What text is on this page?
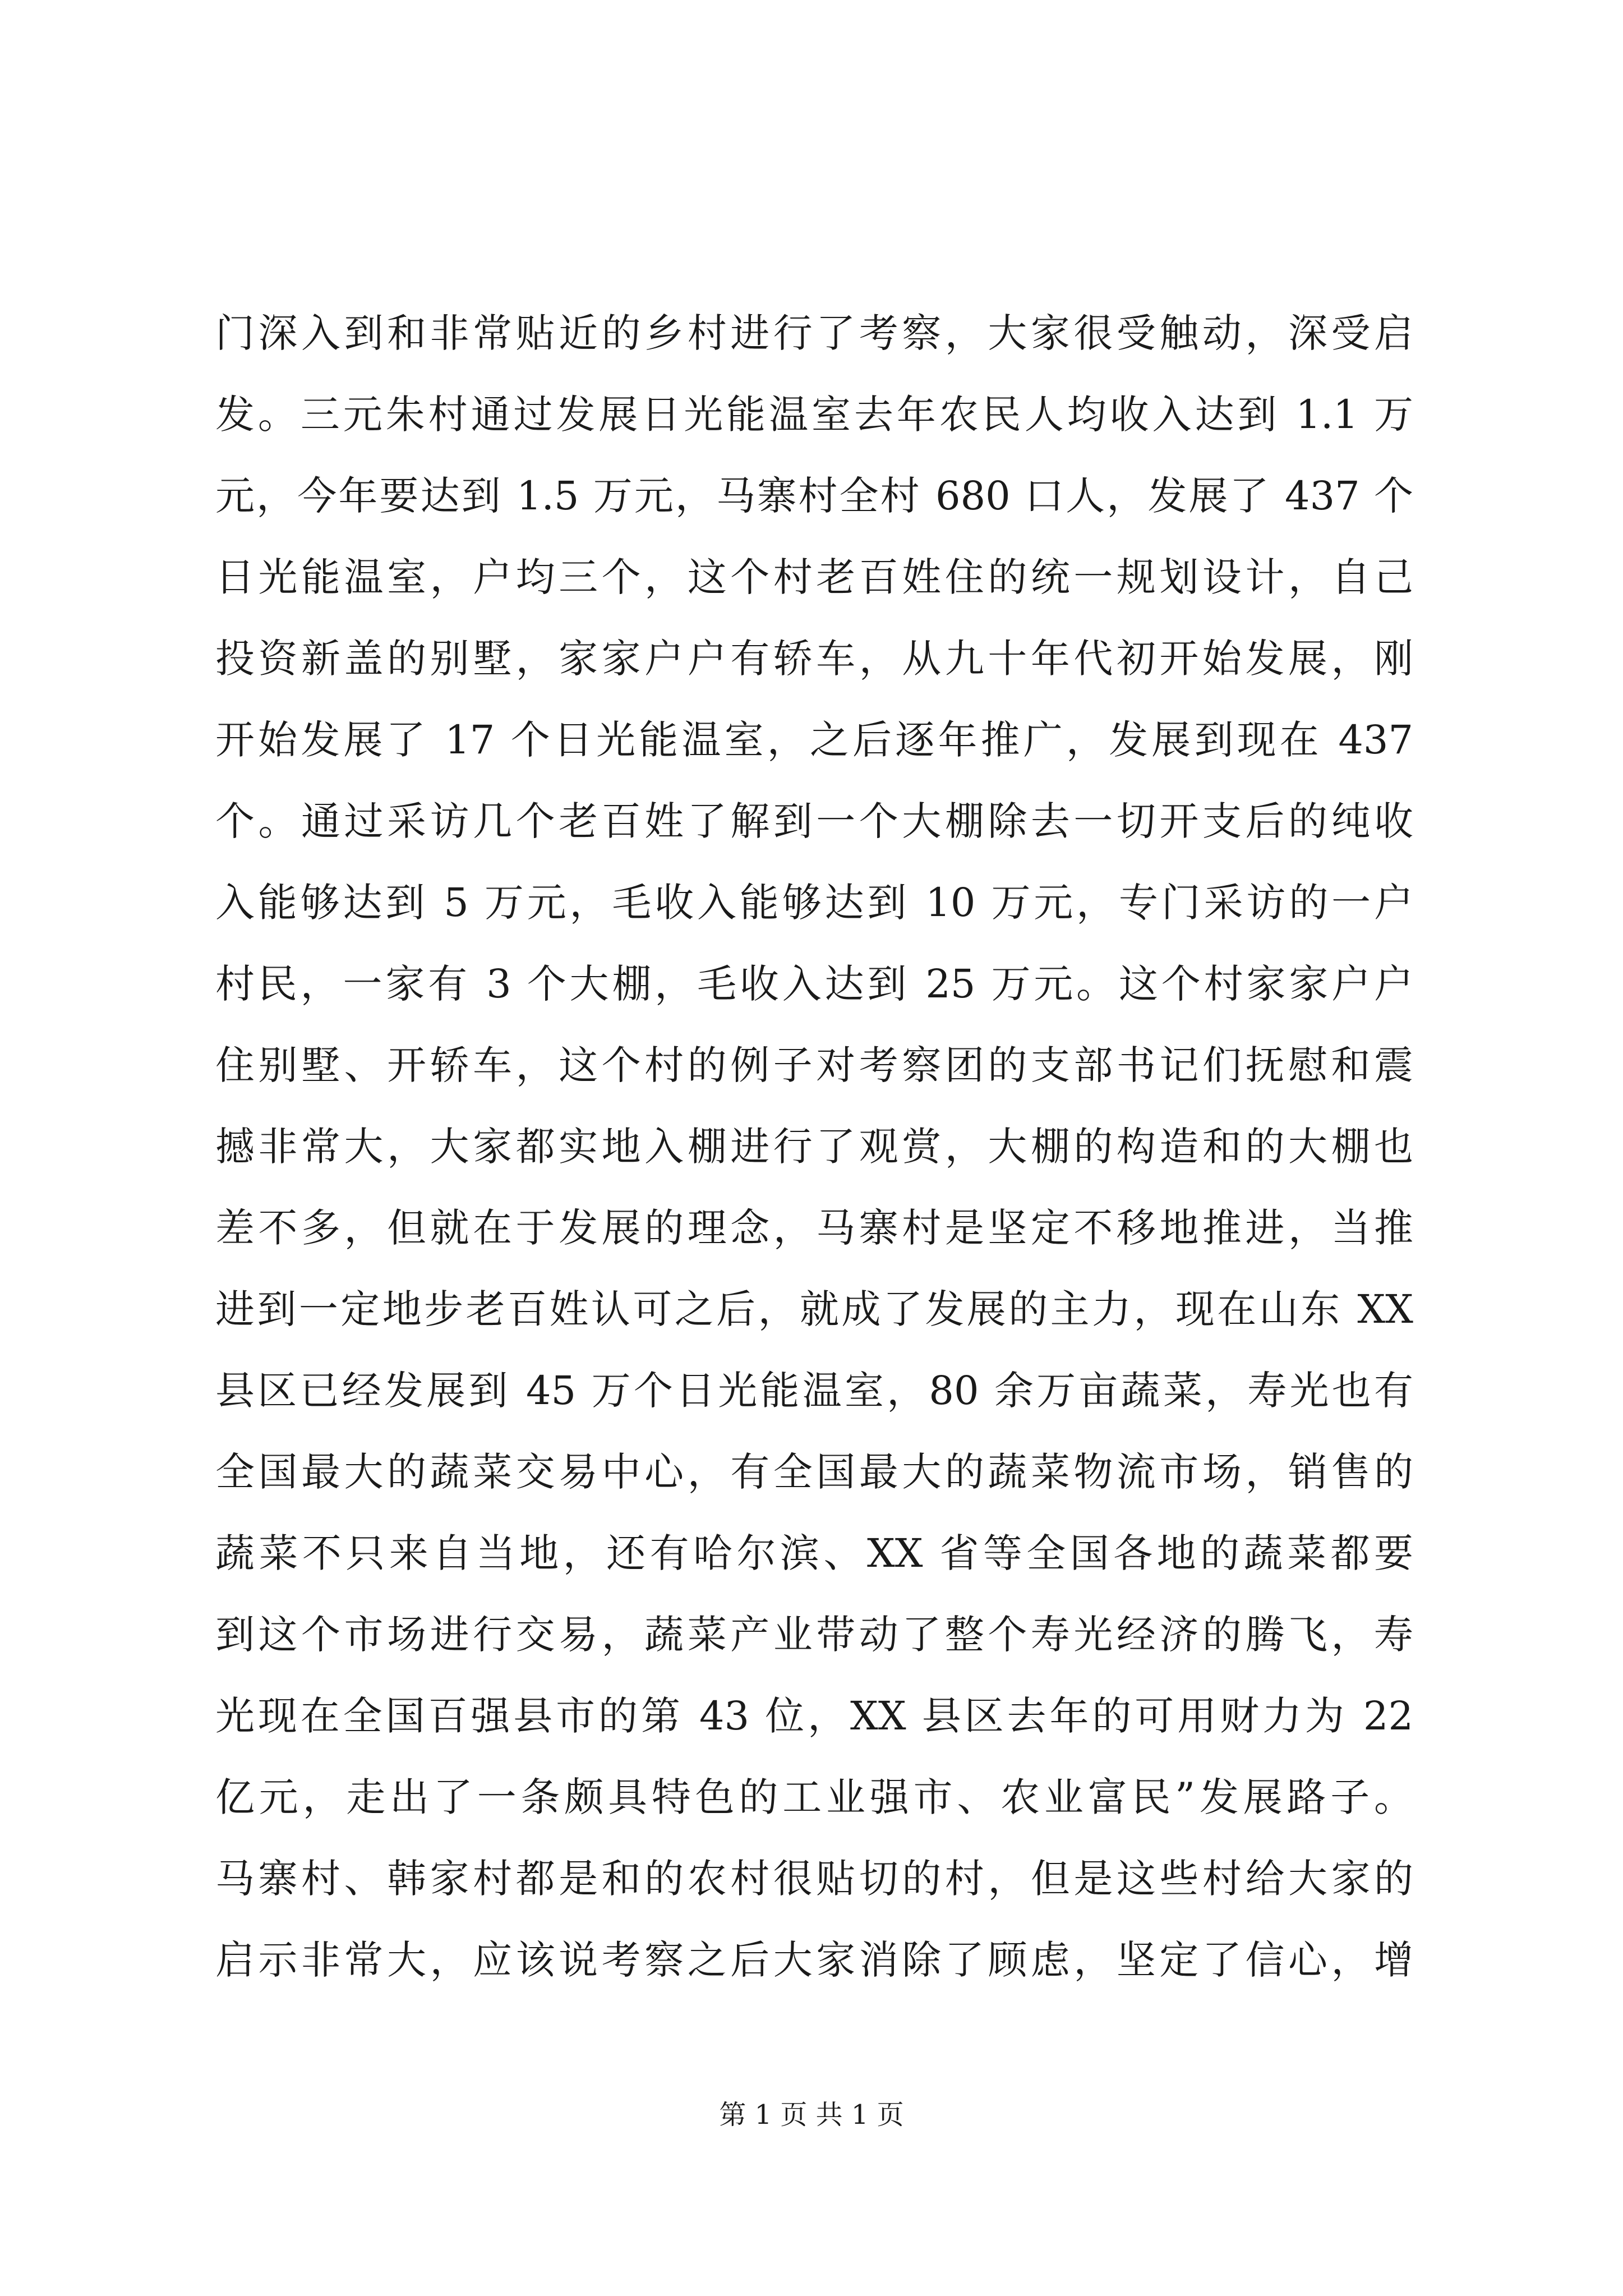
门深入到和非常贴近的乡村进行了考察，大家很受触动，深受启
发。三元朱村通过发展日光能温室去年农民人均收入达到 1.1 万
元，今年要达到 1.5 万元，马寨村全村 680 口人，发展了 437 个
日光能温室，户均三个，这个村老百姓住的统一规划设计，自己
投资新盖的别墅，家家户户有轿车，从九十年代初开始发展，刚
开始发展了 17 个日光能温室，之后逐年推广，发展到现在 437
个。通过采访几个老百姓了解到一个大棚除去一切开支后的纯收
入能够达到 5 万元，毛收入能够达到 10 万元，专门采访的一户
村民，一家有 3 个大棚，毛收入达到 25 万元。这个村家家户户
住别墅、开轿车，这个村的例子对考察团的支部书记们抚慰和震
撼非常大，大家都实地入棚进行了观赏，大棚的构造和的大棚也
差不多，但就在于发展的理念，马寨村是坚定不移地推进，当推
进到一定地步老百姓认可之后，就成了发展的主力，现在山东 XX
县区已经发展到 45 万个日光能温室，80 余万亩蔬菜，寿光也有
全国最大的蔬菜交易中心，有全国最大的蔬菜物流市场，销售的
蔬菜不只来自当地，还有哈尔滨、XX 省等全国各地的蔬菜都要
到这个市场进行交易，蔬菜产业带动了整个寿光经济的腾飞，寿
光现在全国百强县市的第 43 位，XX 县区去年的可用财力为 22
亿元，走出了一条颇具特色的工业强市、农业富民”发展路子。
马寨村、韩家村都是和的农村很贴切的村，但是这些村给大家的
启示非常大，应该说考察之后大家消除了顾虑，坚定了信心，增
第 1 页 共 1 页
